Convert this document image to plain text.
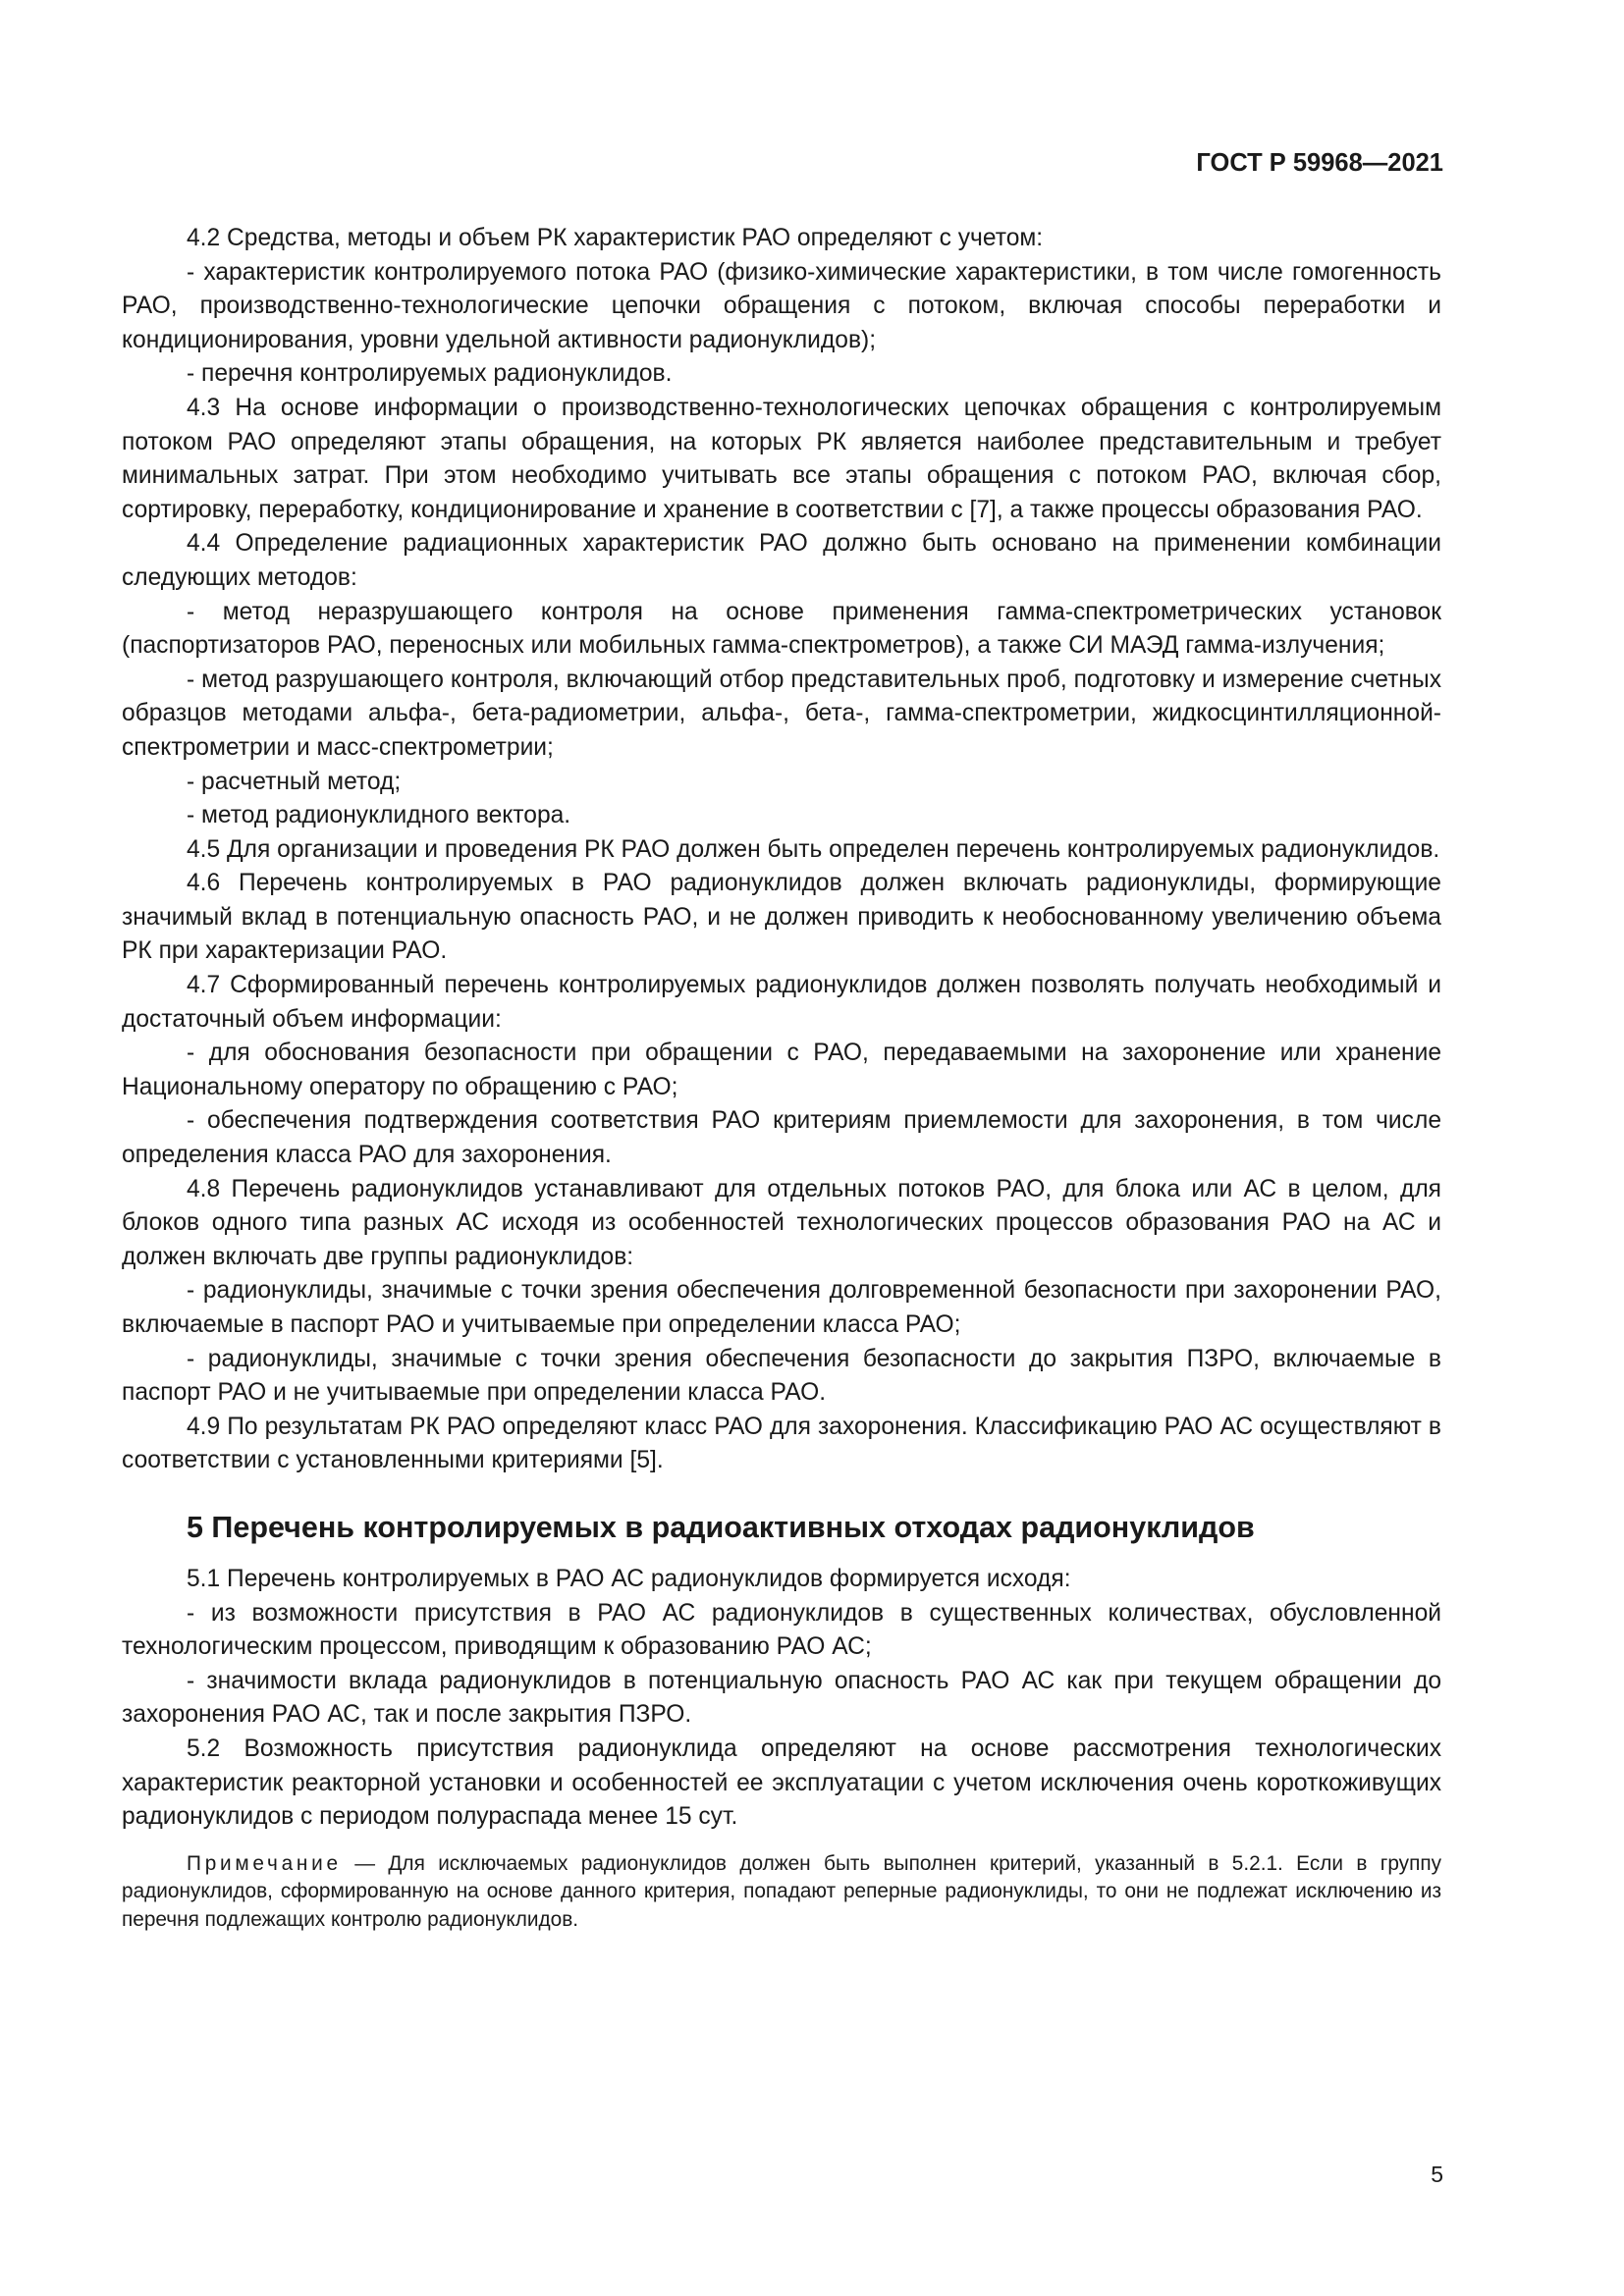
ГОСТ Р 59968—2021

4.2 Средства, методы и объем РК характеристик РАО определяют с учетом:

- характеристик контролируемого потока РАО (физико-химические характеристики, в том числе гомогенность РАО, производственно-технологические цепочки обращения с потоком, включая способы переработки и кондиционирования, уровни удельной активности радионуклидов);

- перечня контролируемых радионуклидов.

4.3 На основе информации о производственно-технологических цепочках обращения с контролируемым потоком РАО определяют этапы обращения, на которых РК является наиболее представительным и требует минимальных затрат. При этом необходимо учитывать все этапы обращения с потоком РАО, включая сбор, сортировку, переработку, кондиционирование и хранение в соответствии с [7], а также процессы образования РАО.

4.4 Определение радиационных характеристик РАО должно быть основано на применении комбинации следующих методов:

- метод неразрушающего контроля на основе применения гамма-спектрометрических установок (паспортизаторов РАО, переносных или мобильных гамма-спектрометров), а также СИ МАЭД гамма-излучения;

- метод разрушающего контроля, включающий отбор представительных проб, подготовку и измерение счетных образцов методами альфа-, бета-радиометрии, альфа-, бета-, гамма-спектрометрии, жидкосцинтилляционной-спектрометрии и масс-спектрометрии;

- расчетный метод;

- метод радионуклидного вектора.

4.5 Для организации и проведения РК РАО должен быть определен перечень контролируемых радионуклидов.

4.6 Перечень контролируемых в РАО радионуклидов должен включать радионуклиды, формирующие значимый вклад в потенциальную опасность РАО, и не должен приводить к необоснованному увеличению объема РК при характеризации РАО.

4.7 Сформированный перечень контролируемых радионуклидов должен позволять получать необходимый и достаточный объем информации:

- для обоснования безопасности при обращении с РАО, передаваемыми на захоронение или хранение Национальному оператору по обращению с РАО;

- обеспечения подтверждения соответствия РАО критериям приемлемости для захоронения, в том числе определения класса РАО для захоронения.

4.8 Перечень радионуклидов устанавливают для отдельных потоков РАО, для блока или АС в целом, для блоков одного типа разных АС исходя из особенностей технологических процессов образования РАО на АС и должен включать две группы радионуклидов:

- радионуклиды, значимые с точки зрения обеспечения долговременной безопасности при захоронении РАО, включаемые в паспорт РАО и учитываемые при определении класса РАО;

- радионуклиды, значимые с точки зрения обеспечения безопасности до закрытия ПЗРО, включаемые в паспорт РАО и не учитываемые при определении класса РАО.

4.9 По результатам РК РАО определяют класс РАО для захоронения. Классификацию РАО АС осуществляют в соответствии с установленными критериями [5].

5 Перечень контролируемых в радиоактивных отходах радионуклидов

5.1 Перечень контролируемых в РАО АС радионуклидов формируется исходя:

- из возможности присутствия в РАО АС радионуклидов в существенных количествах, обусловленной технологическим процессом, приводящим к образованию РАО АС;

- значимости вклада радионуклидов в потенциальную опасность РАО АС как при текущем обращении до захоронения РАО АС, так и после закрытия ПЗРО.

5.2 Возможность присутствия радионуклида определяют на основе рассмотрения технологических характеристик реакторной установки и особенностей ее эксплуатации с учетом исключения очень короткоживущих радионуклидов с периодом полураспада менее 15 сут.

Примечание — Для исключаемых радионуклидов должен быть выполнен критерий, указанный в 5.2.1. Если в группу радионуклидов, сформированную на основе данного критерия, попадают реперные радионуклиды, то они не подлежат исключению из перечня подлежащих контролю радионуклидов.

5
